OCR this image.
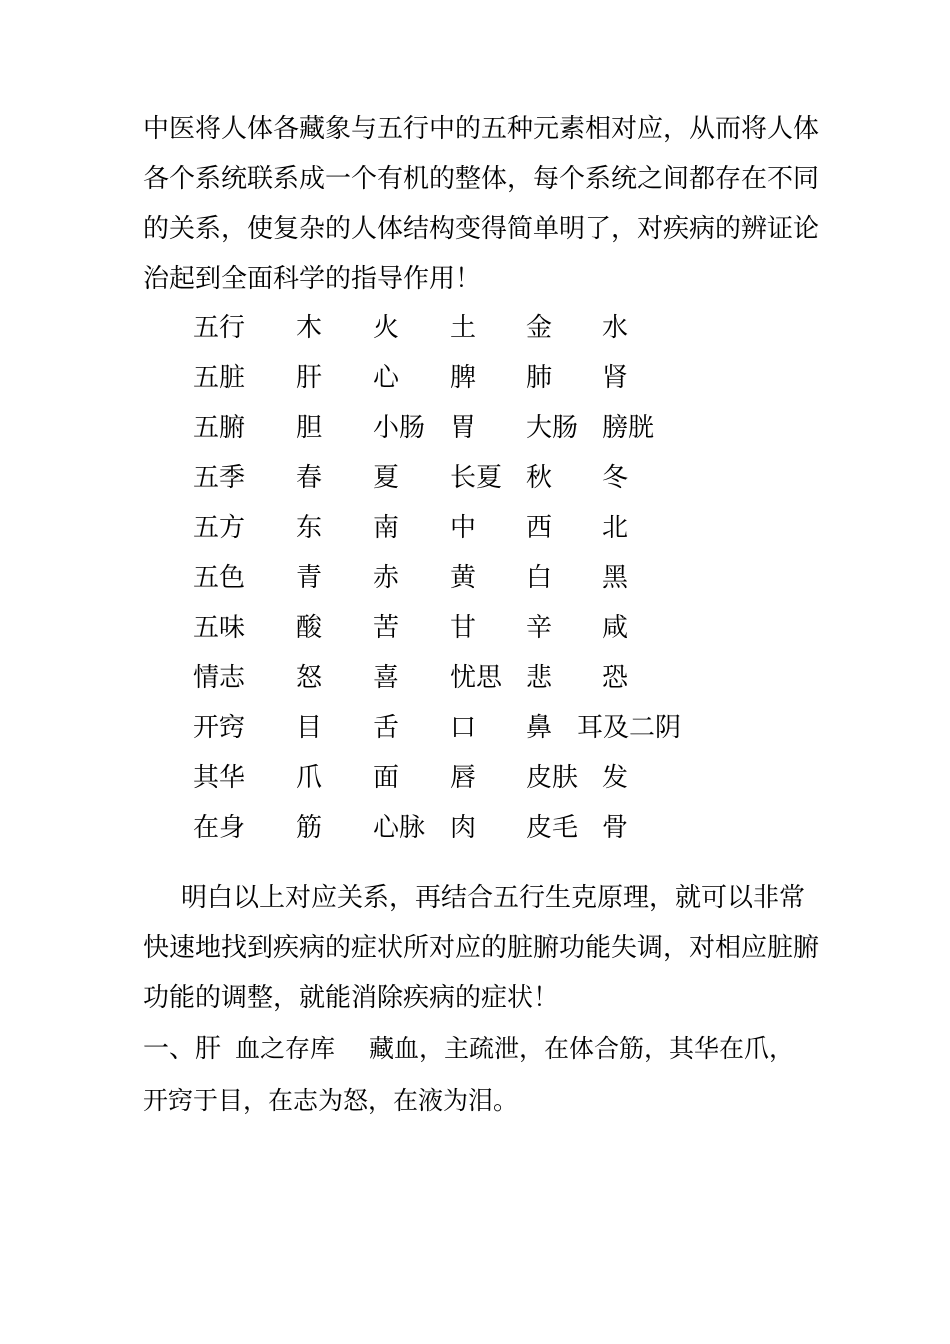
中医将人体各藏象与五行中的五种元素相对应，从而将人体
各个系统联系成一个有机的整体，每个系统之间都存在不同
的关系，使复杂的人体结构变得简单明了，对疾病的辨证论
治起到全面科学的指导作用！

五行	木	火	土	金	水
五脏	肝	心	脾	肺	肾
五腑	胆	小肠	胃	大肠	膀胱
五季	春	夏	长夏	秋	冬
五方	东	南	中	西	北
五色	青	赤	黄	白	黑
五味	酸	苦	甘	辛	咸
情志	怒	喜	忧思	悲	恐
开窍	目	舌	口	鼻	耳及二阴
其华	爪	面	唇	皮肤	发
在身	筋	心脉	肉	皮毛	骨

明白以上对应关系，再结合五行生克原理，就可以非常
快速地找到疾病的症状所对应的脏腑功能失调，对相应脏腑
功能的调整，就能消除疾病的症状！

一、肝 血之存库 藏血，主疏泄，在体合筋，其华在爪，
开窍于目，在志为怒，在液为泪。
